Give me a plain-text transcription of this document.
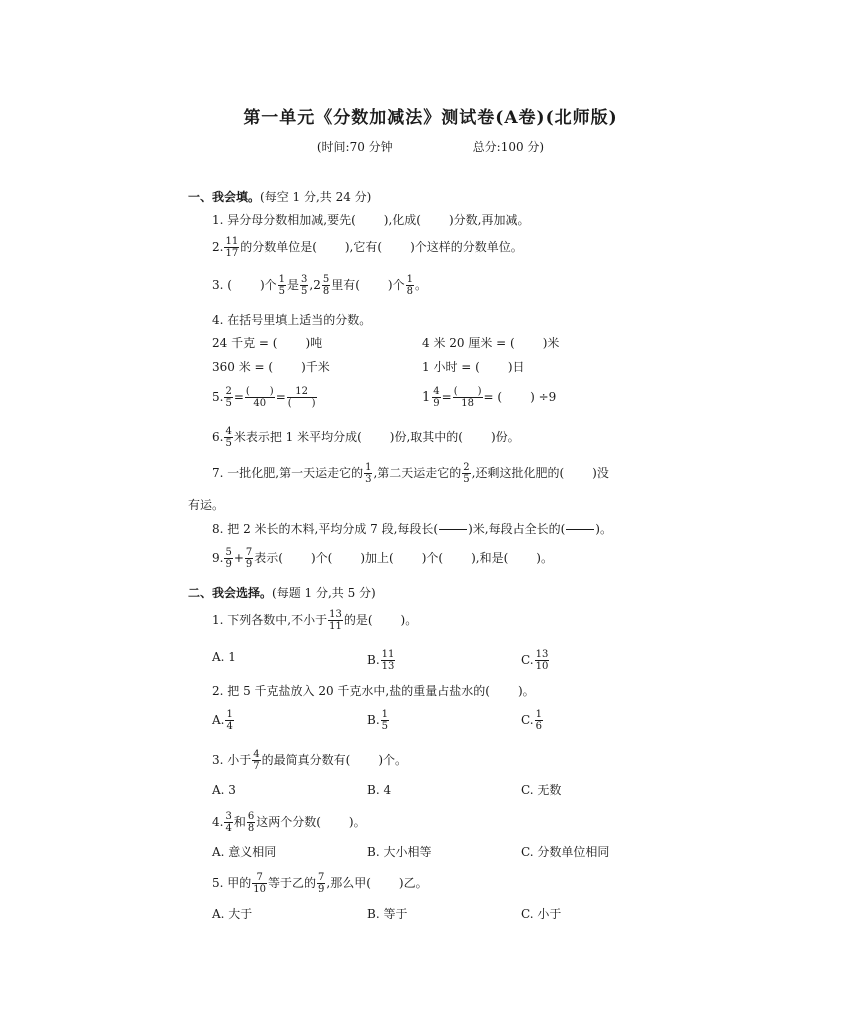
第一单元《分数加减法》测试卷(A卷)(北师版)
(时间:70 分钟	总分:100 分)
一、我会填。(每空 1 分,共 24 分)
1. 异分母分数相加减,要先( ),化成( )分数,再加减。
2. $\frac{11}{17}$ 的分数单位是( ),它有( )个这样的分数单位。
3. ( )个 $\frac{1}{5}$ 是 $\frac{3}{5} ,2 \frac{5}{8}$ 里有( )个 $\frac{1}{8}$ 。
4. 在括号里填上适当的分数。
24 千克 = ( )吨	4 米 20 厘米 = ( )米
360 米 = ( )千米	1 小时 = ( )日
5. $\frac{2}{5} = \frac{( )}{40} = \frac{12}{( )}$	$1 \frac{4}{9} = \frac{( )}{18}$ = ( ) ÷9
6. $\frac{4}{5}$ 米表示把 1 米平均分成( )份,取其中的( )份。
7. 一批化肥,第一天运走它的 $\frac{1}{3}$ ,第二天运走它的 $\frac{2}{5}$ ,还剩这批化肥的( )没
有运。
8. 把 2 米长的木料,平均分成 7 段,每段长(	)米,每段占全长的(	)。
9. $\frac{5}{9} + \frac{7}{9}$ 表示( )个( )加上( )个( ),和是( )。
二、我会选择。(每题 1 分,共 5 分)
1. 下列各数中,不小于 $\frac{13}{11}$ 的是( )。
A. 1	B. $\frac{11}{13}$	C. $\frac{13}{10}$
2. 把 5 千克盐放入 20 千克水中,盐的重量占盐水的( )。
A. $\frac{1}{4}$	B. $\frac{1}{5}$	C. $\frac{1}{6}$
3. 小于 $\frac{4}{7}$ 的最简真分数有( )个。
A. 3	B. 4	C. 无数
4. $\frac{3}{4}$ 和 $\frac{6}{8}$ 这两个分数( )。
A. 意义相同	B. 大小相等	C. 分数单位相同
5. 甲的 $\frac{7}{10}$ 等于乙的 $\frac{7}{9}$ ,那么甲( )乙。
A. 大于	B. 等于	C. 小于
